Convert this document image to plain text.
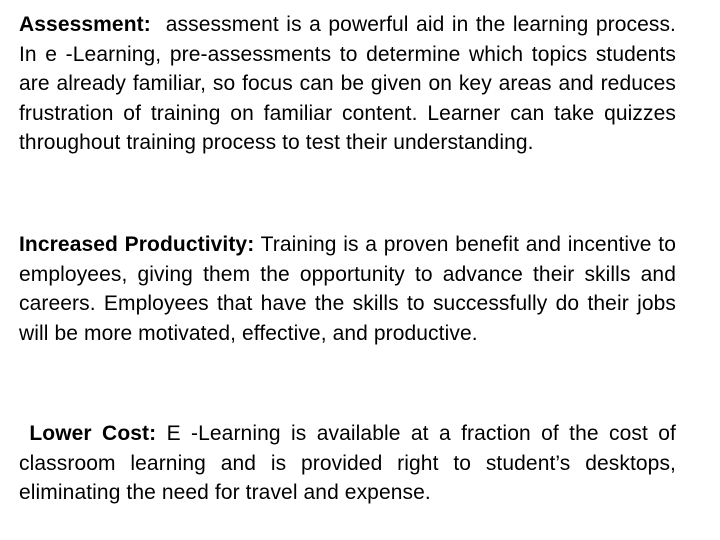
Assessment:  assessment is a powerful aid in the learning process. In e -Learning, pre-assessments to determine which topics students are already familiar, so focus can be given on key areas and reduces frustration of training on familiar content. Learner can take quizzes throughout training process to test their understanding.

Increased Productivity: Training is a proven benefit and incentive to employees, giving them the opportunity to advance their skills and careers. Employees that have the skills to successfully do their jobs will be more motivated, effective, and productive.

Lower Cost: E -Learning is available at a fraction of the cost of classroom learning and is provided right to student’s desktops, eliminating the need for travel and expense.
